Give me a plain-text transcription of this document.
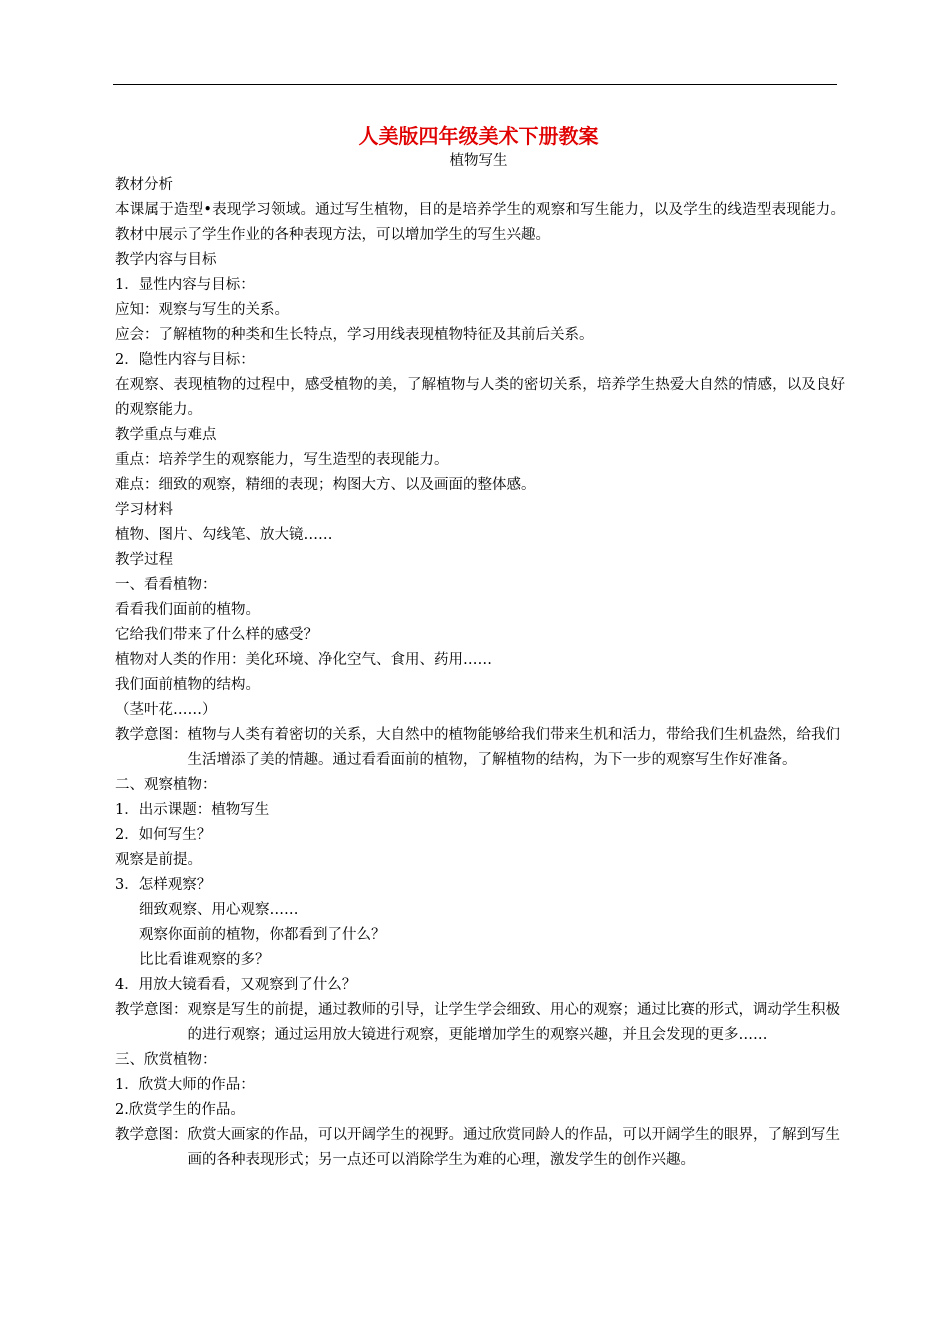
人美版四年级美术下册教案
植物写生
教材分析
本课属于造型•表现学习领域。通过写生植物，目的是培养学生的观察和写生能力，以及学生的线造型表现能力。教材中展示了学生作业的各种表现方法，可以增加学生的写生兴趣。
教学内容与目标
1．显性内容与目标：
应知：观察与写生的关系。
应会：了解植物的种类和生长特点，学习用线表现植物特征及其前后关系。
2．隐性内容与目标：
在观察、表现植物的过程中，感受植物的美，了解植物与人类的密切关系，培养学生热爱大自然的情感，以及良好的观察能力。
教学重点与难点
重点：培养学生的观察能力，写生造型的表现能力。
难点：细致的观察，精细的表现；构图大方、以及画面的整体感。
学习材料
植物、图片、勾线笔、放大镜……
教学过程
一、看看植物：
看看我们面前的植物。
它给我们带来了什么样的感受？
植物对人类的作用：美化环境、净化空气、食用、药用……
我们面前植物的结构。
（茎叶花……）
教学意图： 植物与人类有着密切的关系，大自然中的植物能够给我们带来生机和活力，带给我们生机盎然，给我们生活增添了美的情趣。通过看看面前的植物，了解植物的结构，为下一步的观察写生作好准备。
二、观察植物：
1．出示课题：植物写生
2．如何写生？
观察是前提。
3．怎样观察？
细致观察、用心观察……
观察你面前的植物，你都看到了什么？
比比看谁观察的多？
4．用放大镜看看，又观察到了什么？
教学意图： 观察是写生的前提，通过教师的引导，让学生学会细致、用心的观察；通过比赛的形式，调动学生积极的进行观察；通过运用放大镜进行观察，更能增加学生的观察兴趣，并且会发现的更多……
三、欣赏植物：
1．欣赏大师的作品：
2.欣赏学生的作品。
教学意图： 欣赏大画家的作品，可以开阔学生的视野。通过欣赏同龄人的作品，可以开阔学生的眼界，了解到写生画的各种表现形式；另一点还可以消除学生为难的心理，激发学生的创作兴趣。
